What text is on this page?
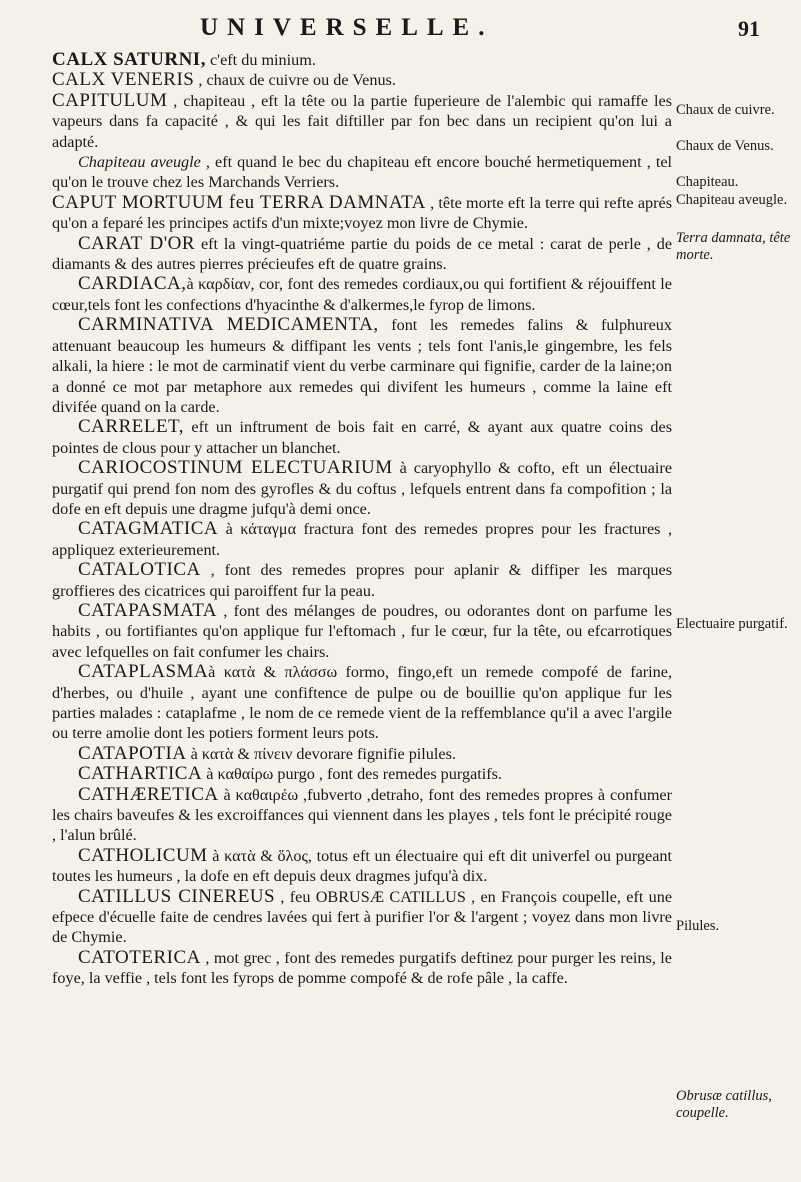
UNIVERSELLE.	91

CALX SATURNI, c'eft du minium.

CALX VENERIS , chaux de cuivre ou de Venus.

CAPITULUM , chapiteau , eft la tête ou la partie fuperieure de l'alembic qui ramaffe les vapeurs dans fa capacité , & qui les fait diftiller par fon bec dans un recipient qu'on lui a adapté.

Chapiteau aveugle , eft quand le bec du chapiteau eft encore bouché hermetiquement , tel qu'on le trouve chez les Marchands Verriers.

CAPUT MORTUUM feu TERRA DAMNATA , tête morte eft la terre qui refte aprés qu'on a feparé les principes actifs d'un mixte;voyez mon livre de Chymie.

CARAT D'OR eft la vingt-quatriéme partie du poids de ce metal : carat de perle , de diamants & des autres pierres précieufes eft de quatre grains.

CARDIACA,à καρδίαν, cor, font des remedes cordiaux,ou qui fortifient & réjouiffent le cœur,tels font les confections d'hyacinthe & d'alkermes,le fyrop de limons.

CARMINATIVA MEDICAMENTA, font les remedes falins & fulphureux attenuant beaucoup les humeurs & diffipant les vents ; tels font l'anis,le gingembre, les fels alkali, la hiere : le mot de carminatif vient du verbe carminare qui fignifie, carder de la laine;on a donné ce mot par metaphore aux remedes qui divifent les humeurs , comme la laine eft divifée quand on la carde.

CARRELET, eft un inftrument de bois fait en carré, & ayant aux quatre coins des pointes de clous pour y attacher un blanchet.

CARIOCOSTINUM ELECTUARIUM à caryophyllo & cofto, eft un électuaire purgatif qui prend fon nom des gyrofles & du coftus , lefquels entrent dans fa compofition ; la dofe en eft depuis une dragme jufqu'à demi once.

CATAGMATICA à κάταγμα fractura font des remedes propres pour les fractures , appliquez exterieurement.

CATALOTICA , font des remedes propres pour aplanir & diffiper les marques groffieres des cicatrices qui paroiffent fur la peau.

CATAPASMATA , font des mélanges de poudres, ou odorantes dont on parfume les habits , ou fortifiantes qu'on applique fur l'eftomach , fur le cœur, fur la tête, ou efcarrotiques avec lefquelles on fait confumer les chairs.

CATAPLASMAà κατὰ & πλάσσω formo, fingo,eft un remede compofé de farine, d'herbes, ou d'huile , ayant une confiftence de pulpe ou de bouillie qu'on applique fur les parties malades : cataplafme , le nom de ce remede vient de la reffemblance qu'il a avec l'argile ou terre amolie dont les potiers forment leurs pots.

CATAPOTIA à κατὰ & πίνειν devorare fignifie pilules.

CATHARTICA à καθαίρω purgo , font des remedes purgatifs.

CATHÆRETICA à καθαιρέω ,fubverto ,detraho, font des remedes propres à confumer les chairs baveufes & les excroiffances qui viennent dans les playes , tels font le précipité rouge , l'alun brûlé.

CATHOLICUM à κατὰ & ὅλος, totus eft un électuaire qui eft dit univerfel ou purgeant toutes les humeurs , la dofe en eft depuis deux dragmes jufqu'à dix.

CATILLUS CINEREUS , feu OBRUSÆ CATILLUS , en François coupelle, eft une efpece d'écuelle faite de cendres lavées qui fert à purifier l'or & l'argent ; voyez dans mon livre de Chymie.

CATOTERICA , mot grec , font des remedes purgatifs deftinez pour purger les reins, le foye, la veffie , tels font les fyrops de pomme compofé & de rofe pâle , la caffe.

Chaux de cuivre.
Chaux de Venus.
Chapiteau.
Chapiteau aveugle.
Terra damnata, tête morte.
Electuaire purgatif.
Pilules.
Obrusæ catillus, coupelle.
